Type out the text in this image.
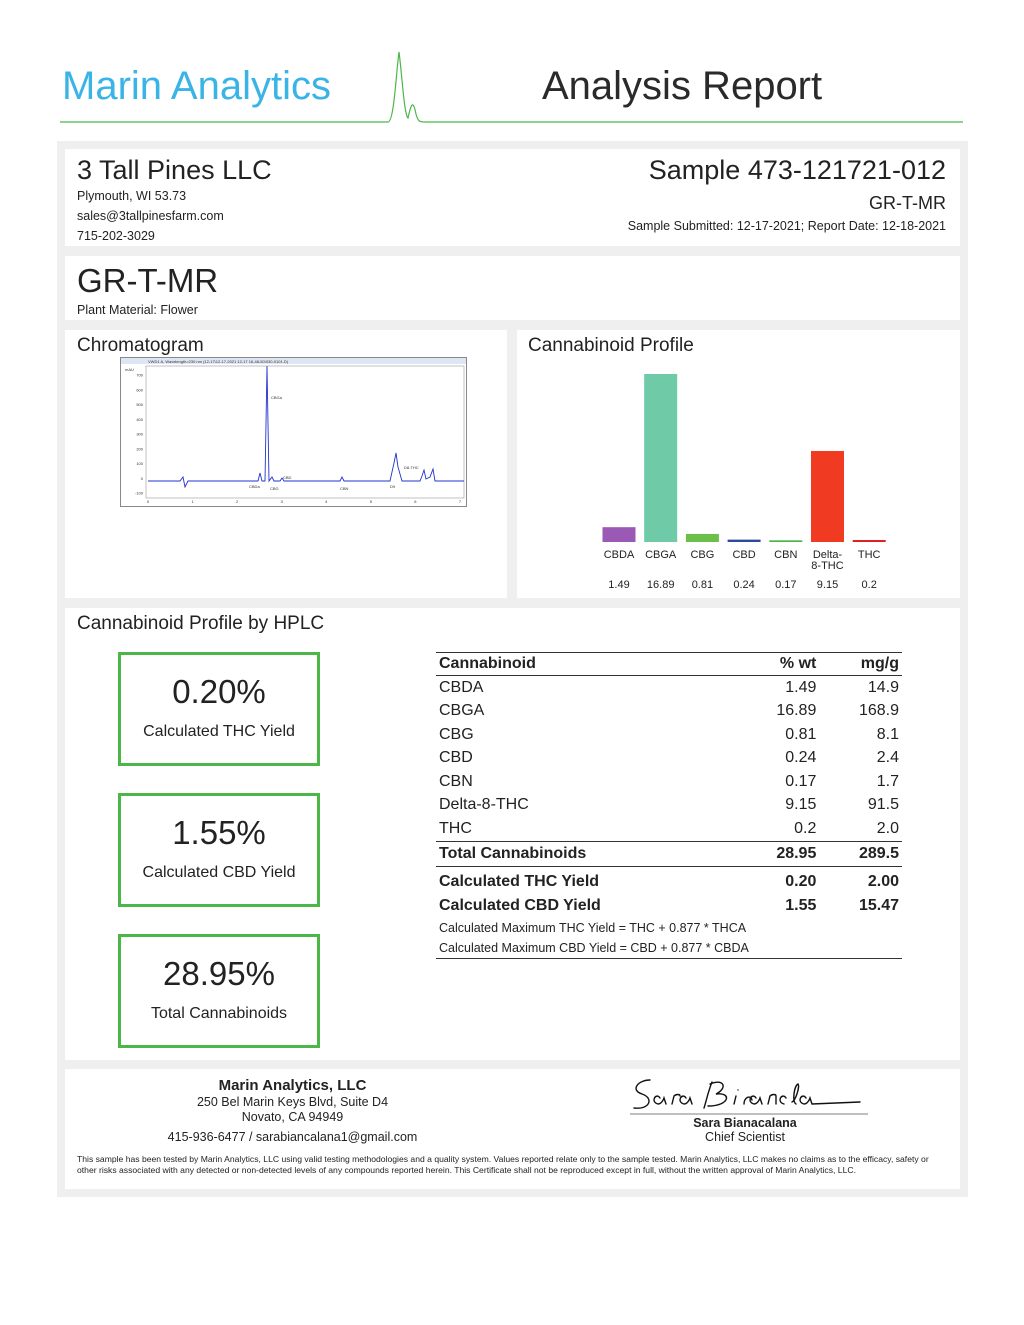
Marin Analytics	Analysis Report
3 Tall Pines LLC
Plymouth, WI 53.73
sales@3tallpinesfarm.com
715-202-3029
Sample 473-121721-012
GR-T-MR
Sample Submitted: 12-17-2021; Report Date: 12-18-2021
GR-T-MR
Plant Material: Flower
Chromatogram
VWD1 A, Wavelength=230 nm (12-17\12-17-2021 12-17 16-48-50\030-0101.D)
mAU
700
600
500
400
300
200
100
0
-100
0	1	2	3	4	5	6	7
CBGa
CBDa	CBG
CBD
CBN	D9
D8-THC
Cannabinoid Profile
CBDA
1.49
CBGA
16.89
CBG
0.81
CBD
0.24
CBN
0.17
Delta-8-THC
9.15
THC
0.2
Cannabinoid Profile by HPLC
0.20%
Calculated THC Yield
1.55%
Calculated CBD Yield
28.95%
Total Cannabinoids
Cannabinoid	% wt	mg/g
CBDA	1.49	14.9
CBGA	16.89	168.9
CBG	0.81	8.1
CBD	0.24	2.4
CBN	0.17	1.7
Delta-8-THC	9.15	91.5
THC	0.2	2.0
Total Cannabinoids	28.95	289.5
Calculated THC Yield	0.20	2.00
Calculated CBD Yield	1.55	15.47
Calculated Maximum THC Yield = THC + 0.877 * THCA		
Calculated Maximum CBD Yield = CBD + 0.877 * CBDA		
Marin Analytics, LLC
250 Bel Marin Keys Blvd, Suite D4
Novato, CA 94949
415-936-6477 / sarabiancalana1@gmail.com
Sara Bianacalana
Chief Scientist
This sample has been tested by Marin Analytics, LLC using valid testing methodologies and a quality system. Values reported relate only to the sample tested. Marin Analytics, LLC makes no claims as to the efficacy, safety or other risks associated with any detected or non-detected levels of any compounds reported herein. This Certificate shall not be reproduced except in full, without the written approval of Marin Analytics, LLC.
